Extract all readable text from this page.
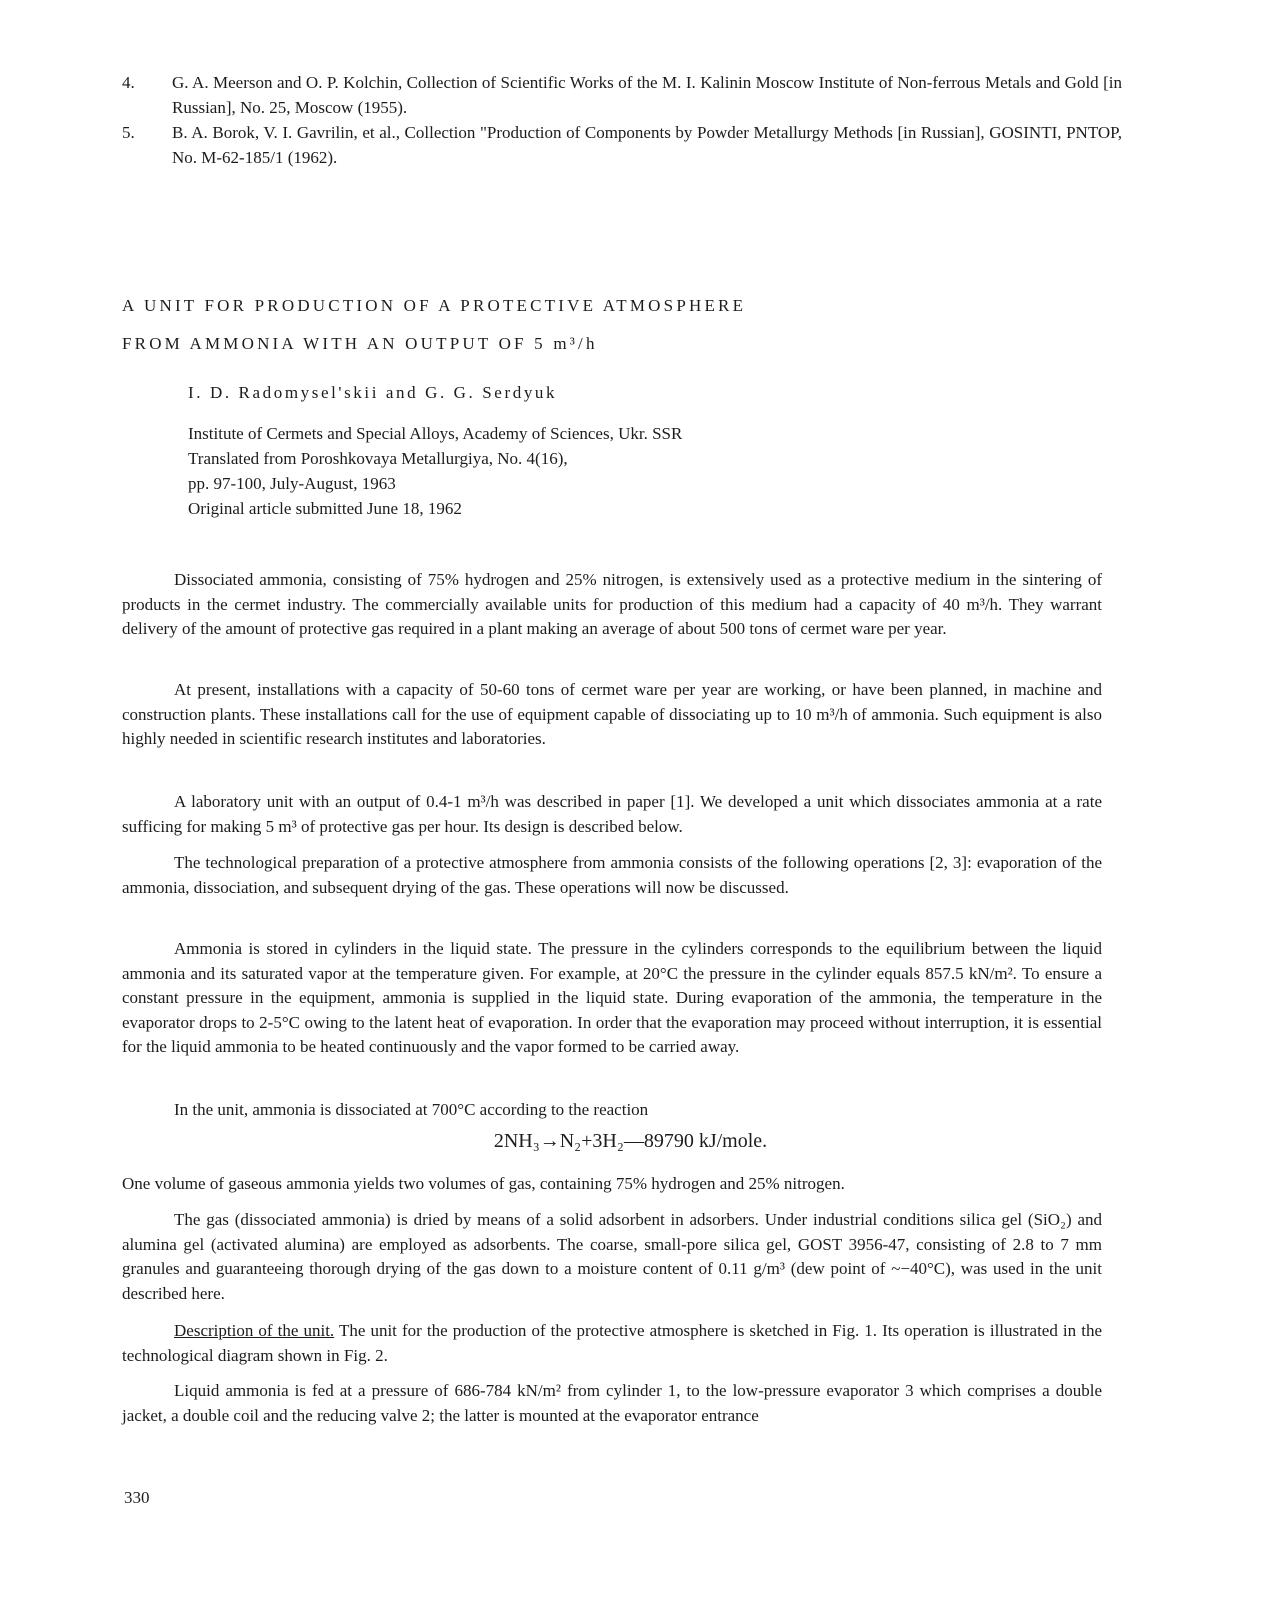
4.	G. A. Meerson and O. P. Kolchin, Collection of Scientific Works of the M. I. Kalinin Moscow Institute of Non-ferrous Metals and Gold [in Russian], No. 25, Moscow (1955).
5.	B. A. Borok, V. I. Gavrilin, et al., Collection "Production of Components by Powder Metallurgy Methods [in Russian], GOSINTI, PNTOP, No. M-62-185/1 (1962).
A UNIT FOR PRODUCTION OF A PROTECTIVE ATMOSPHERE
FROM AMMONIA WITH AN OUTPUT OF 5 m³/h
I. D. Radomysel'skii and G. G. Serdyuk
Institute of Cermets and Special Alloys, Academy of Sciences, Ukr. SSR
Translated from Poroshkovaya Metallurgiya, No. 4(16),
pp. 97-100, July-August, 1963
Original article submitted June 18, 1962
Dissociated ammonia, consisting of 75% hydrogen and 25% nitrogen, is extensively used as a protective medium in the sintering of products in the cermet industry. The commercially available units for production of this medium had a capacity of 40 m³/h. They warrant delivery of the amount of protective gas required in a plant making an average of about 500 tons of cermet ware per year.
At present, installations with a capacity of 50-60 tons of cermet ware per year are working, or have been planned, in machine and construction plants. These installations call for the use of equipment capable of dissociating up to 10 m³/h of ammonia. Such equipment is also highly needed in scientific research institutes and laboratories.
A laboratory unit with an output of 0.4-1 m³/h was described in paper [1]. We developed a unit which dissociates ammonia at a rate sufficing for making 5 m³ of protective gas per hour. Its design is described below.
The technological preparation of a protective atmosphere from ammonia consists of the following operations [2, 3]: evaporation of the ammonia, dissociation, and subsequent drying of the gas. These operations will now be discussed.
Ammonia is stored in cylinders in the liquid state. The pressure in the cylinders corresponds to the equilibrium between the liquid ammonia and its saturated vapor at the temperature given. For example, at 20°C the pressure in the cylinder equals 857.5 kN/m². To ensure a constant pressure in the equipment, ammonia is supplied in the liquid state. During evaporation of the ammonia, the temperature in the evaporator drops to 2-5°C owing to the latent heat of evaporation. In order that the evaporation may proceed without interruption, it is essential for the liquid ammonia to be heated continuously and the vapor formed to be carried away.
In the unit, ammonia is dissociated at 700°C according to the reaction
2NH₃→N₂+3H₂—89790 kJ/mole.
One volume of gaseous ammonia yields two volumes of gas, containing 75% hydrogen and 25% nitrogen.
The gas (dissociated ammonia) is dried by means of a solid adsorbent in adsorbers. Under industrial conditions silica gel (SiO₂) and alumina gel (activated alumina) are employed as adsorbents. The coarse, small-pore silica gel, GOST 3956-47, consisting of 2.8 to 7 mm granules and guaranteeing thorough drying of the gas down to a moisture content of 0.11 g/m³ (dew point of ~−40°C), was used in the unit described here.
Description of the unit. The unit for the production of the protective atmosphere is sketched in Fig. 1. Its operation is illustrated in the technological diagram shown in Fig. 2.
Liquid ammonia is fed at a pressure of 686-784 kN/m² from cylinder 1, to the low-pressure evaporator 3 which comprises a double jacket, a double coil and the reducing valve 2; the latter is mounted at the evaporator entrance
330
